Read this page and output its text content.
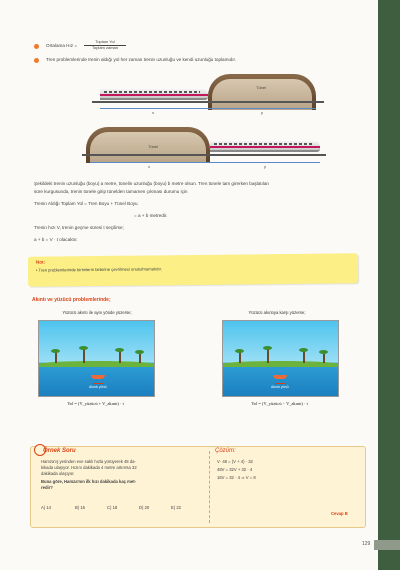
Ortalama Hız =
Toplam Yol
Toplam zaman
Tren problemlerinde trenin aldığı yol her zaman trenin uzunluğu ve kendi uzunluğu toplamıdır.
Tünel
x	y
Tünel
x	y
Şekildeki trenin uzunluğu (boyu) a metre, tünelin uzunluğu (boyu) b metre olsun. Tren tünele tam girerken başlatılan
süre kurgusunda, trenin tünele girip tünelden tamamen çıkması durumu için
Trenin Aldığı Toplam Yol = Tren Boyu + Tünel Boyu
= a + b metredir.
Trenin hızı V, trenin geçme süresi t seçilirse;
a + b = V · t olacaktır.
Not:
• Tren problemlerinde birimlerin birbirine çevrilmesi unutulmamalıdır.
Akıntı ve yüzücü problemlerinde;
Yüzücü akıntı ile aynı yönde yüzerse;	Yüzücü akıntıya karşı yüzerse;
Akıntı yönü	Akıntı yönü
Yol = (V_yüzücü + V_akıntı) · t	Yol = (V_yüzücü − V_akıntı) · t
Örnek Soru	Çözüm:
Hamza'ış yerinden eve saklı hızla yürüyerek 48 da-
kikada ulaşıyor. Hızını dakikada 4 metre artırırsa 32
dakikada ulaşıyor.
Buna göre, Hamza'nın ilk hızı dakikada kaç met-
redir?
A) 14	B) 16	C) 18	D) 20	E) 22
V· 48 = (V + 4) · 32
48V = 32V + 32 · 4
16V = 32 · 4 ⇒ V = 8
Cevap B
129
